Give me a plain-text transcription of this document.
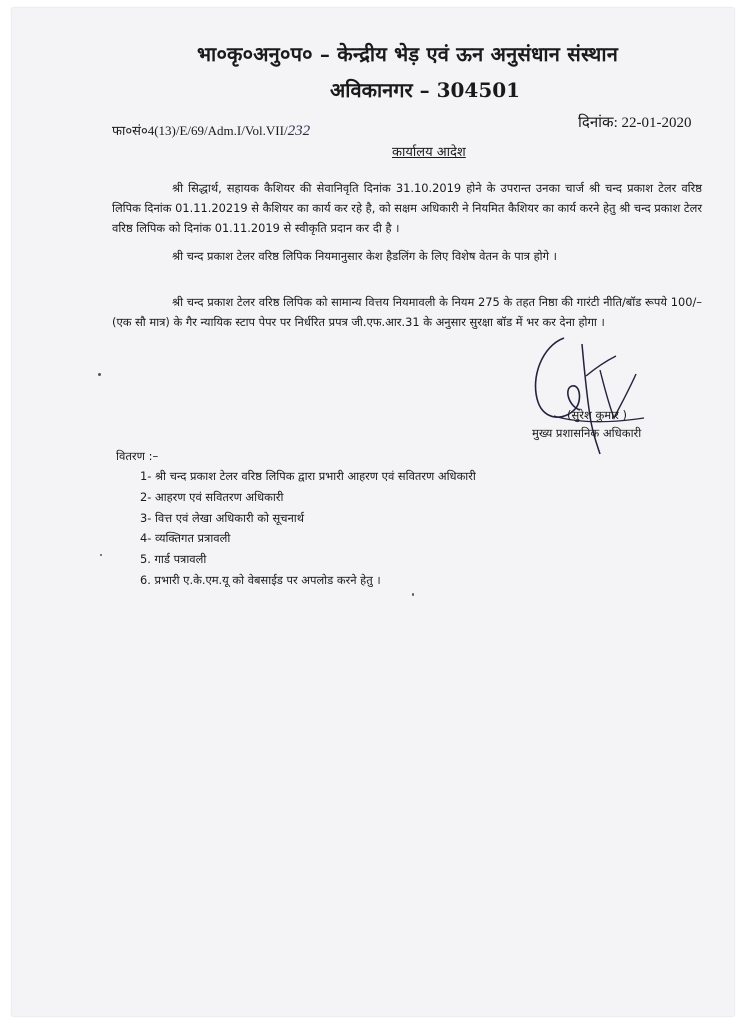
भा०कृ०अनु०प० – केन्द्रीय भेड़ एवं ऊन अनुसंधान संस्थान
अविकानगर – 304501
फा०सं०4(13)/E/69/Adm.I/Vol.VII/232	दिनांक: 22-01-2020
कार्यालय आदेश
श्री सिद्धार्थ, सहायक कैशियर की सेवानिवृति दिनांक 31.10.2019 होने के उपरान्त उनका चार्ज श्री चन्द प्रकाश टेलर वरिष्ठ लिपिक दिनांक 01.11.20219 से कैशियर का कार्य कर रहे है, को सक्षम अधिकारी ने नियमित कैशियर का कार्य करने हेतु श्री चन्द प्रकाश टेलर वरिष्ठ लिपिक को दिनांक 01.11.2019 से स्वीकृति प्रदान कर दी है ।
श्री चन्द प्रकाश टेलर वरिष्ठ लिपिक नियमानुसार केश हैडलिंग के लिए विशेष वेतन के पात्र होगे ।
श्री चन्द प्रकाश टेलर वरिष्ठ लिपिक को सामान्य वित्तय नियमावली के नियम 275 के तहत निष्ठा की गारंटी नीति/बॉड रूपये 100/–(एक सौ मात्र) के गैर न्यायिक स्टाप पेपर पर निर्धरित प्रपत्र जी.एफ.आर.31 के अनुसार सुरक्षा बॉड में भर कर देना होगा ।
(सुरेश कुमार )
मुख्य प्रशासनिक अधिकारी
वितरण :–
1- श्री चन्द प्रकाश टेलर वरिष्ठ लिपिक द्वारा प्रभारी आहरण एवं सवितरण अधिकारी
2- आहरण एवं सवितरण अधिकारी
3- वित्त एवं लेखा अधिकारी को सूचनार्थ
4- व्यक्तिगत प्रत्रावली
5. गार्ड पत्रावली
6. प्रभारी ए.के.एम.यू को वेबसाईड पर अपलोड करने हेतु ।
